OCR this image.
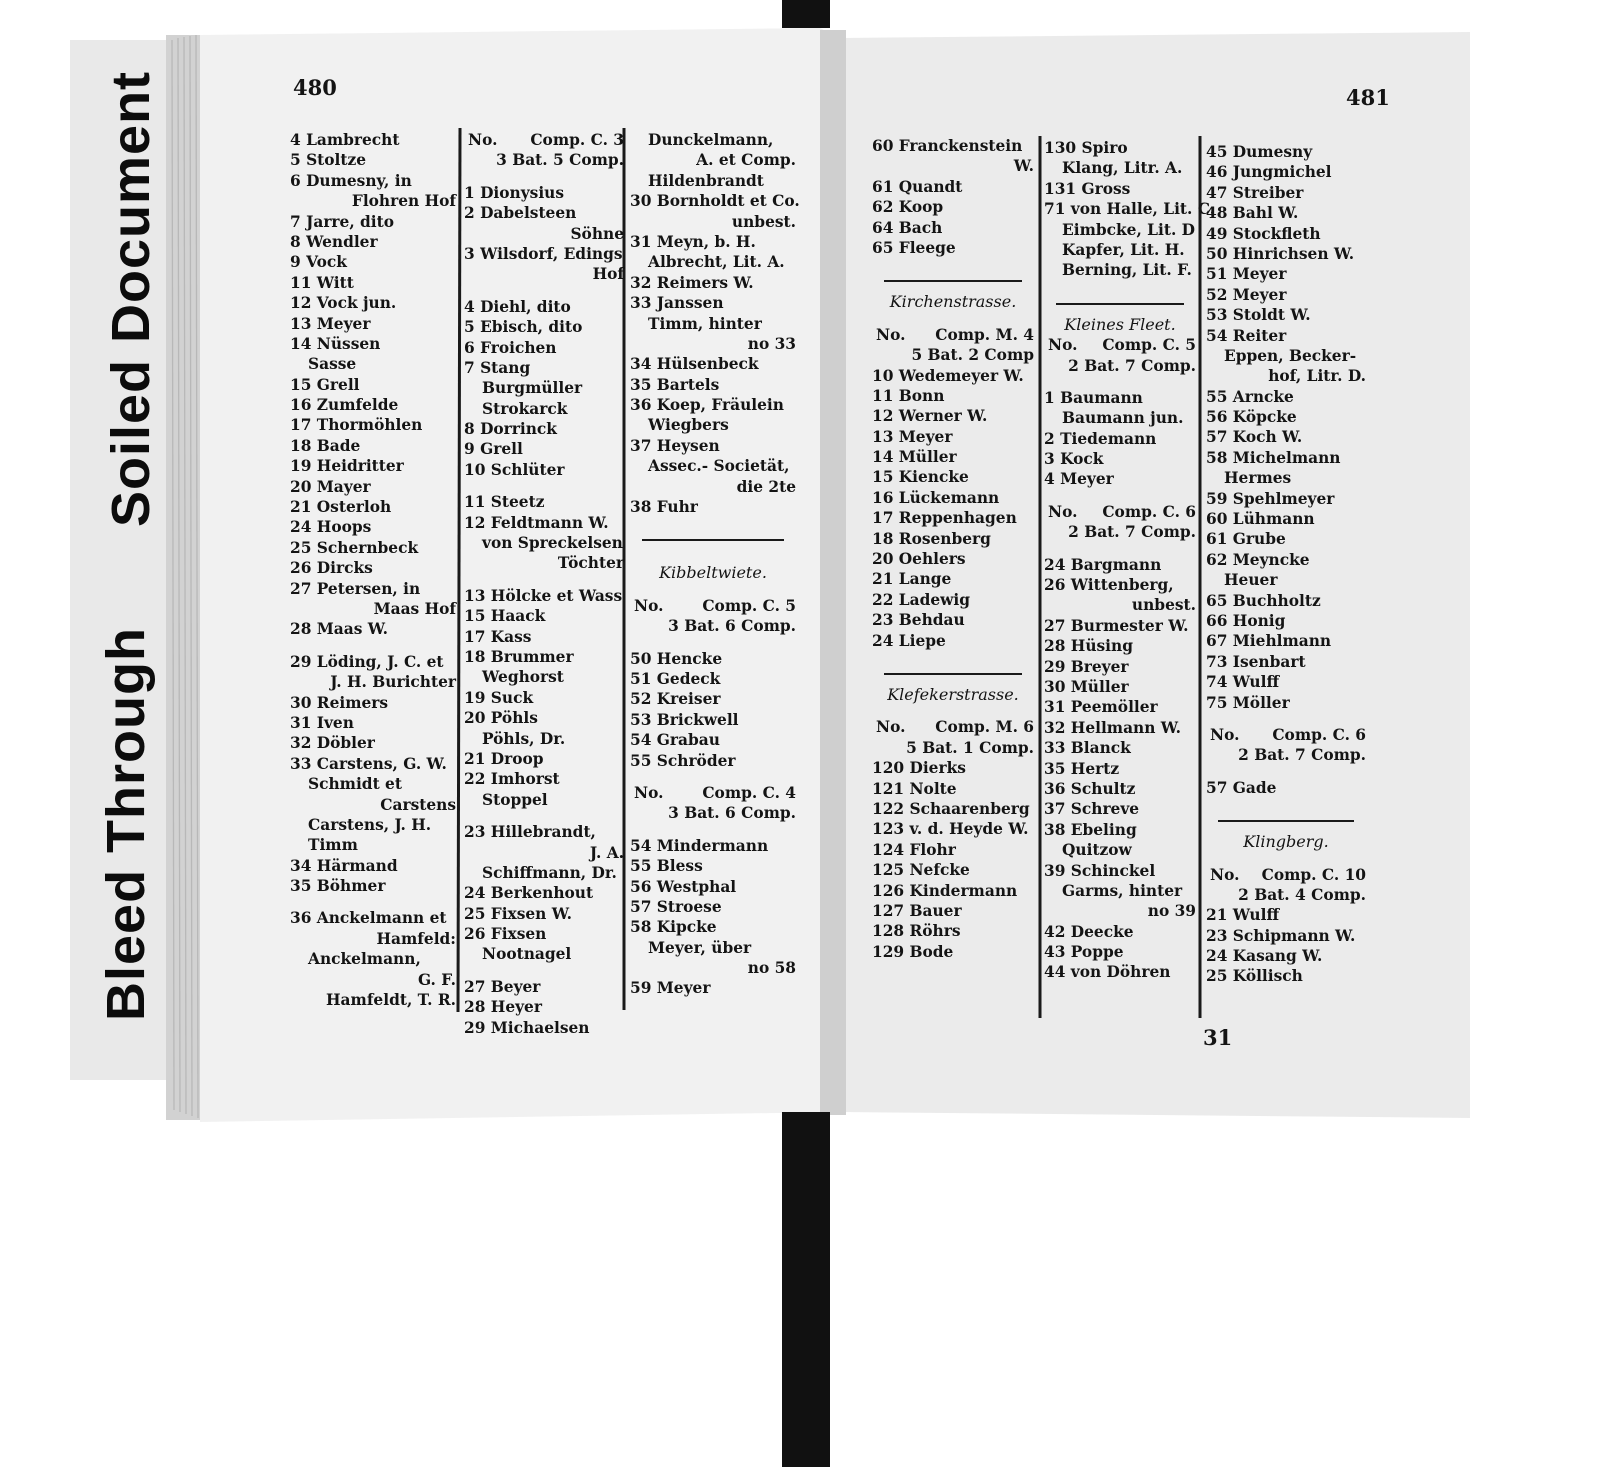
Soiled Document
Bleed Through
480	481
31
4 Lambrecht
5 Stoltze
6 Dumesny, in
Flohren Hof
7 Jarre, dito
8 Wendler
9 Vock
11 Witt
12 Vock jun.
13 Meyer
14 Nüssen
Sasse
15 Grell
16 Zumfelde
17 Thormöhlen
18 Bade
19 Heidritter
20 Mayer
21 Osterloh
24 Hoops
25 Schernbeck
26 Dircks
27 Petersen, in
Maas Hof
28 Maas W.
29 Löding, J. C. et
J. H. Burichter
30 Reimers
31 Iven
32 Döbler
33 Carstens, G. W.
Schmidt et
Carstens
Carstens, J. H.
Timm
34 Härmand
35 Böhmer
36 Anckelmann et
Hamfeld:
Anckelmann,
G. F.
Hamfeldt, T. R.
No. Comp. C. 3
3 Bat. 5 Comp.
1 Dionysius
2 Dabelsteen
Söhne
3 Wilsdorf, Edings
Hof
4 Diehl, dito
5 Ebisch, dito
6 Froichen
7 Stang
Burgmüller
Strokarck
8 Dorrinck
9 Grell
10 Schlüter
11 Steetz
12 Feldtmann W.
von Spreckelsen
Töchter
13 Hölcke et Wass
15 Haack
17 Kass
18 Brummer
Weghorst
19 Suck
20 Pöhls
Pöhls, Dr.
21 Droop
22 Imhorst
Stoppel
23 Hillebrandt,
J. A.
Schiffmann, Dr.
24 Berkenhout
25 Fixsen W.
26 Fixsen
Nootnagel
27 Beyer
28 Heyer
29 Michaelsen
Dunckelmann,
A. et Comp.
Hildenbrandt
30 Bornholdt et Co.
unbest.
31 Meyn, b. H.
Albrecht, Lit. A.
32 Reimers W.
33 Janssen
Timm, hinter
no 33
34 Hülsenbeck
35 Bartels
36 Koep, Fräulein
Wiegbers
37 Heysen
Assec.- Societät,
die 2te
38 Fuhr
Kibbeltwiete.
No.	Comp. C. 5
3 Bat. 6 Comp.
50 Hencke
51 Gedeck
52 Kreiser
53 Brickwell
54 Grabau
55 Schröder
No.	Comp. C. 4
3 Bat. 6 Comp.
54 Mindermann
55 Bless
56 Westphal
57 Stroese
58 Kipcke
Meyer, über
no 58
59 Meyer
60 Franckenstein
W.
61 Quandt
62 Koop
64 Bach
65 Fleege
Kirchenstrasse.
No. Comp. M. 4
5 Bat. 2 Comp
10 Wedemeyer W.
11 Bonn
12 Werner W.
13 Meyer
14 Müller
15 Kiencke
16 Lückemann
17 Reppenhagen
18 Rosenberg
20 Oehlers
21 Lange
22 Ladewig
23 Behdau
24 Liepe
Klefekerstrasse.
No. Comp. M. 6
5 Bat. 1 Comp.
120 Dierks
121 Nolte
122 Schaarenberg
123 v. d. Heyde W.
124 Flohr
125 Nefcke
126 Kindermann
127 Bauer
128 Röhrs
129 Bode
130 Spiro
Klang, Litr. A.
131 Gross
71 von Halle, Lit. C.
Eimbcke, Lit. D
Kapfer, Lit. H.
Berning, Lit. F.
Kleines Fleet.
No. Comp. C. 5
2 Bat. 7 Comp.
1 Baumann
Baumann jun.
2 Tiedemann
3 Kock
4 Meyer
No. Comp. C. 6
2 Bat. 7 Comp.
24 Bargmann
26 Wittenberg,
unbest.
27 Burmester W.
28 Hüsing
29 Breyer
30 Müller
31 Peemöller
32 Hellmann W.
33 Blanck
35 Hertz
36 Schultz
37 Schreve
38 Ebeling
Quitzow
39 Schinckel
Garms, hinter
no 39
42 Deecke
43 Poppe
44 von Döhren
45 Dumesny
46 Jungmichel
47 Streiber
48 Bahl W.
49 Stockfleth
50 Hinrichsen W.
51 Meyer
52 Meyer
53 Stoldt W.
54 Reiter
Eppen, Becker-
hof, Litr. D.
55 Arncke
56 Köpcke
57 Koch W.
58 Michelmann
Hermes
59 Spehlmeyer
60 Lühmann
61 Grube
62 Meyncke
Heuer
65 Buchholtz
66 Honig
67 Miehlmann
73 Isenbart
74 Wulff
75 Möller
No. Comp. C. 6
2 Bat. 7 Comp.
57 Gade
Klingberg.
No. Comp. C. 10
2 Bat. 4 Comp.
21 Wulff
23 Schipmann W.
24 Kasang W.
25 Köllisch
